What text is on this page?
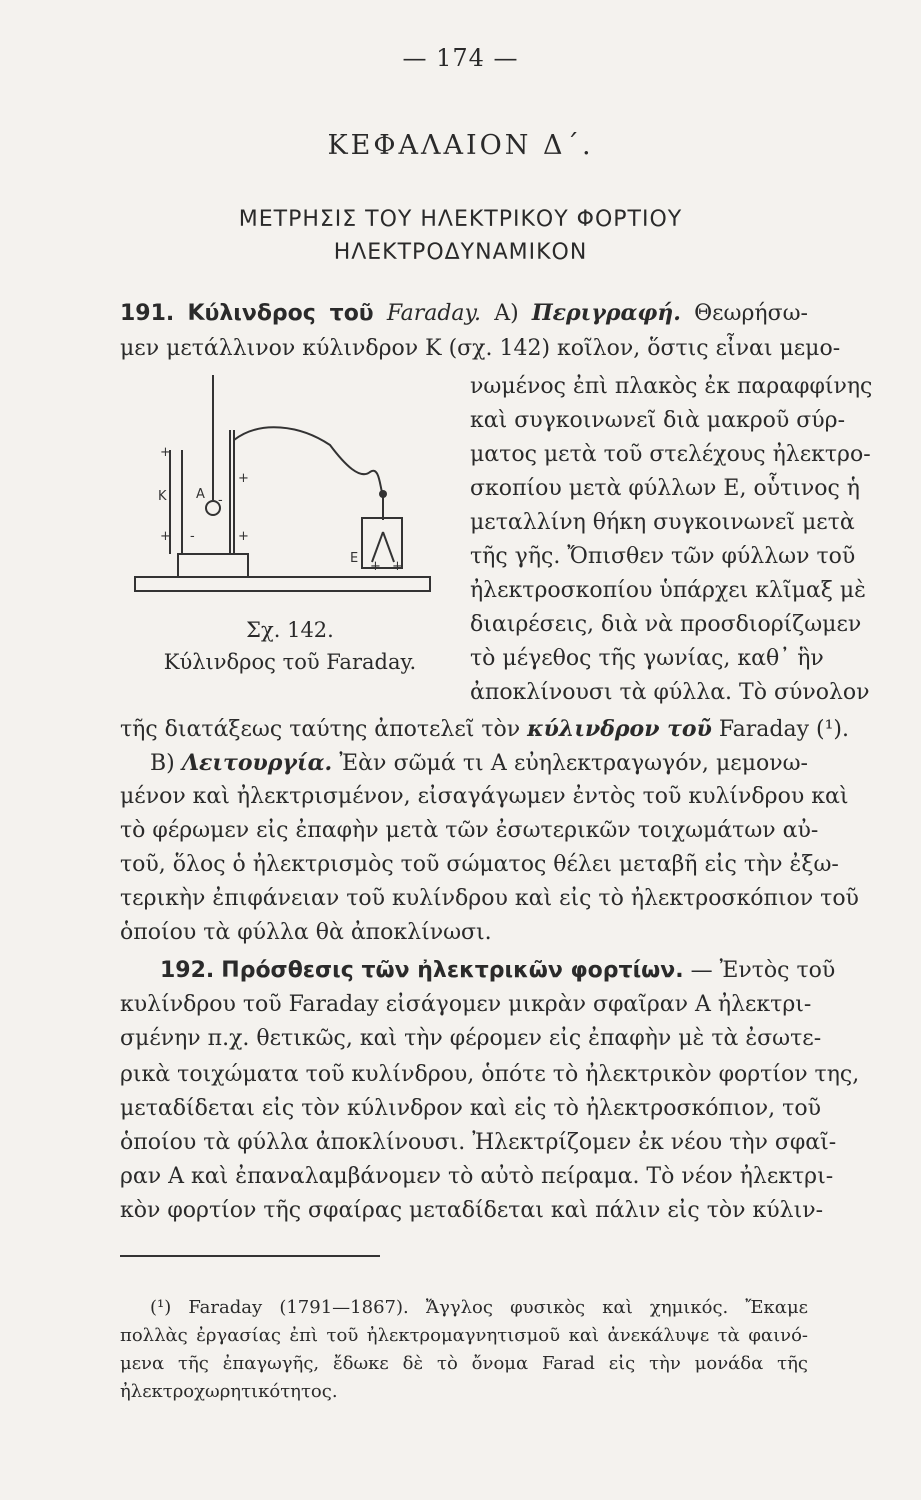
— 174 —
ΚΕΦΑΛΑΙΟΝ Δ΄.
ΜΕΤΡΗΣΙΣ ΤΟΥ ΗΛΕΚΤΡΙΚΟΥ ΦΟΡΤΙΟΥ
ΗΛΕΚΤΡΟΔΥΝΑΜΙΚΟΝ
191. Κύλινδρος τοῦ Faraday. Α) Περιγραφή. Θεωρήσω-
μεν μετάλλινον κύλινδρον Κ (σχ. 142) κοῖλον, ὅστις εἶναι μεμο-
νωμένος ἐπὶ πλακὸς ἐκ παραφφίνης
καὶ συγκοινωνεῖ διὰ μακροῦ σύρ-
ματος μετὰ τοῦ στελέχους ἠλεκτρο-
σκοπίου μετὰ φύλλων Ε, οὗτινος ἡ
μεταλλίνη θήκη συγκοινωνεῖ μετὰ
τῆς γῆς. Ὄπισθεν τῶν φύλλων τοῦ
ἠλεκτροσκοπίου ὑπάρχει κλῖμαξ μὲ
διαιρέσεις, διὰ νὰ προσδιορίζωμεν
τὸ μέγεθος τῆς γωνίας, καθ᾽ ἣν
ἀποκλίνουσι τὰ φύλλα. Τὸ σύνολον
τῆς διατάξεως ταύτης ἀποτελεῖ τὸν κύλινδρον τοῦ Faraday (¹).
Β) Λειτουργία. Ἐὰν σῶμά τι Α εὐηλεκτραγωγόν, μεμονω-
μένον καὶ ἠλεκτρισμένον, εἰσαγάγωμεν ἐντὸς τοῦ κυλίνδρου καὶ
τὸ φέρωμεν εἰς ἐπαφὴν μετὰ τῶν ἐσωτερικῶν τοιχωμάτων αὐ-
τοῦ, ὅλος ὁ ἠλεκτρισμὸς τοῦ σώματος θέλει μεταβῆ εἰς τὴν ἐξω-
τερικὴν ἐπιφάνειαν τοῦ κυλίνδρου καὶ εἰς τὸ ἠλεκτροσκόπιον τοῦ
ὁποίου τὰ φύλλα θὰ ἀποκλίνωσι.
+
+
+
+
-
-
+ +
Κ Α
Ε
Σχ. 142.
Κύλινδρος τοῦ Faraday.
192. Πρόσθεσις τῶν ἠλεκτρικῶν φορτίων. — Ἐντὸς τοῦ
κυλίνδρου τοῦ Faraday εἰσάγομεν μικρὰν σφαῖραν Α ἠλεκτρι-
σμένην π.χ. θετικῶς, καὶ τὴν φέρομεν εἰς ἐπαφὴν μὲ τὰ ἐσωτε-
ρικὰ τοιχώματα τοῦ κυλίνδρου, ὁπότε τὸ ἠλεκτρικὸν φορτίον της,
μεταδίδεται εἰς τὸν κύλινδρον καὶ εἰς τὸ ἠλεκτροσκόπιον, τοῦ
ὁποίου τὰ φύλλα ἀποκλίνουσι. Ἠλεκτρίζομεν ἐκ νέου τὴν σφαῖ-
ραν Α καὶ ἐπαναλαμβάνομεν τὸ αὐτὸ πείραμα. Τὸ νέον ἠλεκτρι-
κὸν φορτίον τῆς σφαίρας μεταδίδεται καὶ πάλιν εἰς τὸν κύλιν-
(¹) Faraday (1791—1867). Ἄγγλος φυσικὸς καὶ χημικός. Ἔκαμε
πολλὰς ἐργασίας ἐπὶ τοῦ ἠλεκτρομαγνητισμοῦ καὶ ἀνεκάλυψε τὰ φαινό-
μενα τῆς ἐπαγωγῆς, ἔδωκε δὲ τὸ ὄνομα Farad εἰς τὴν μονάδα τῆς
ἠλεκτροχωρητικότητος.
